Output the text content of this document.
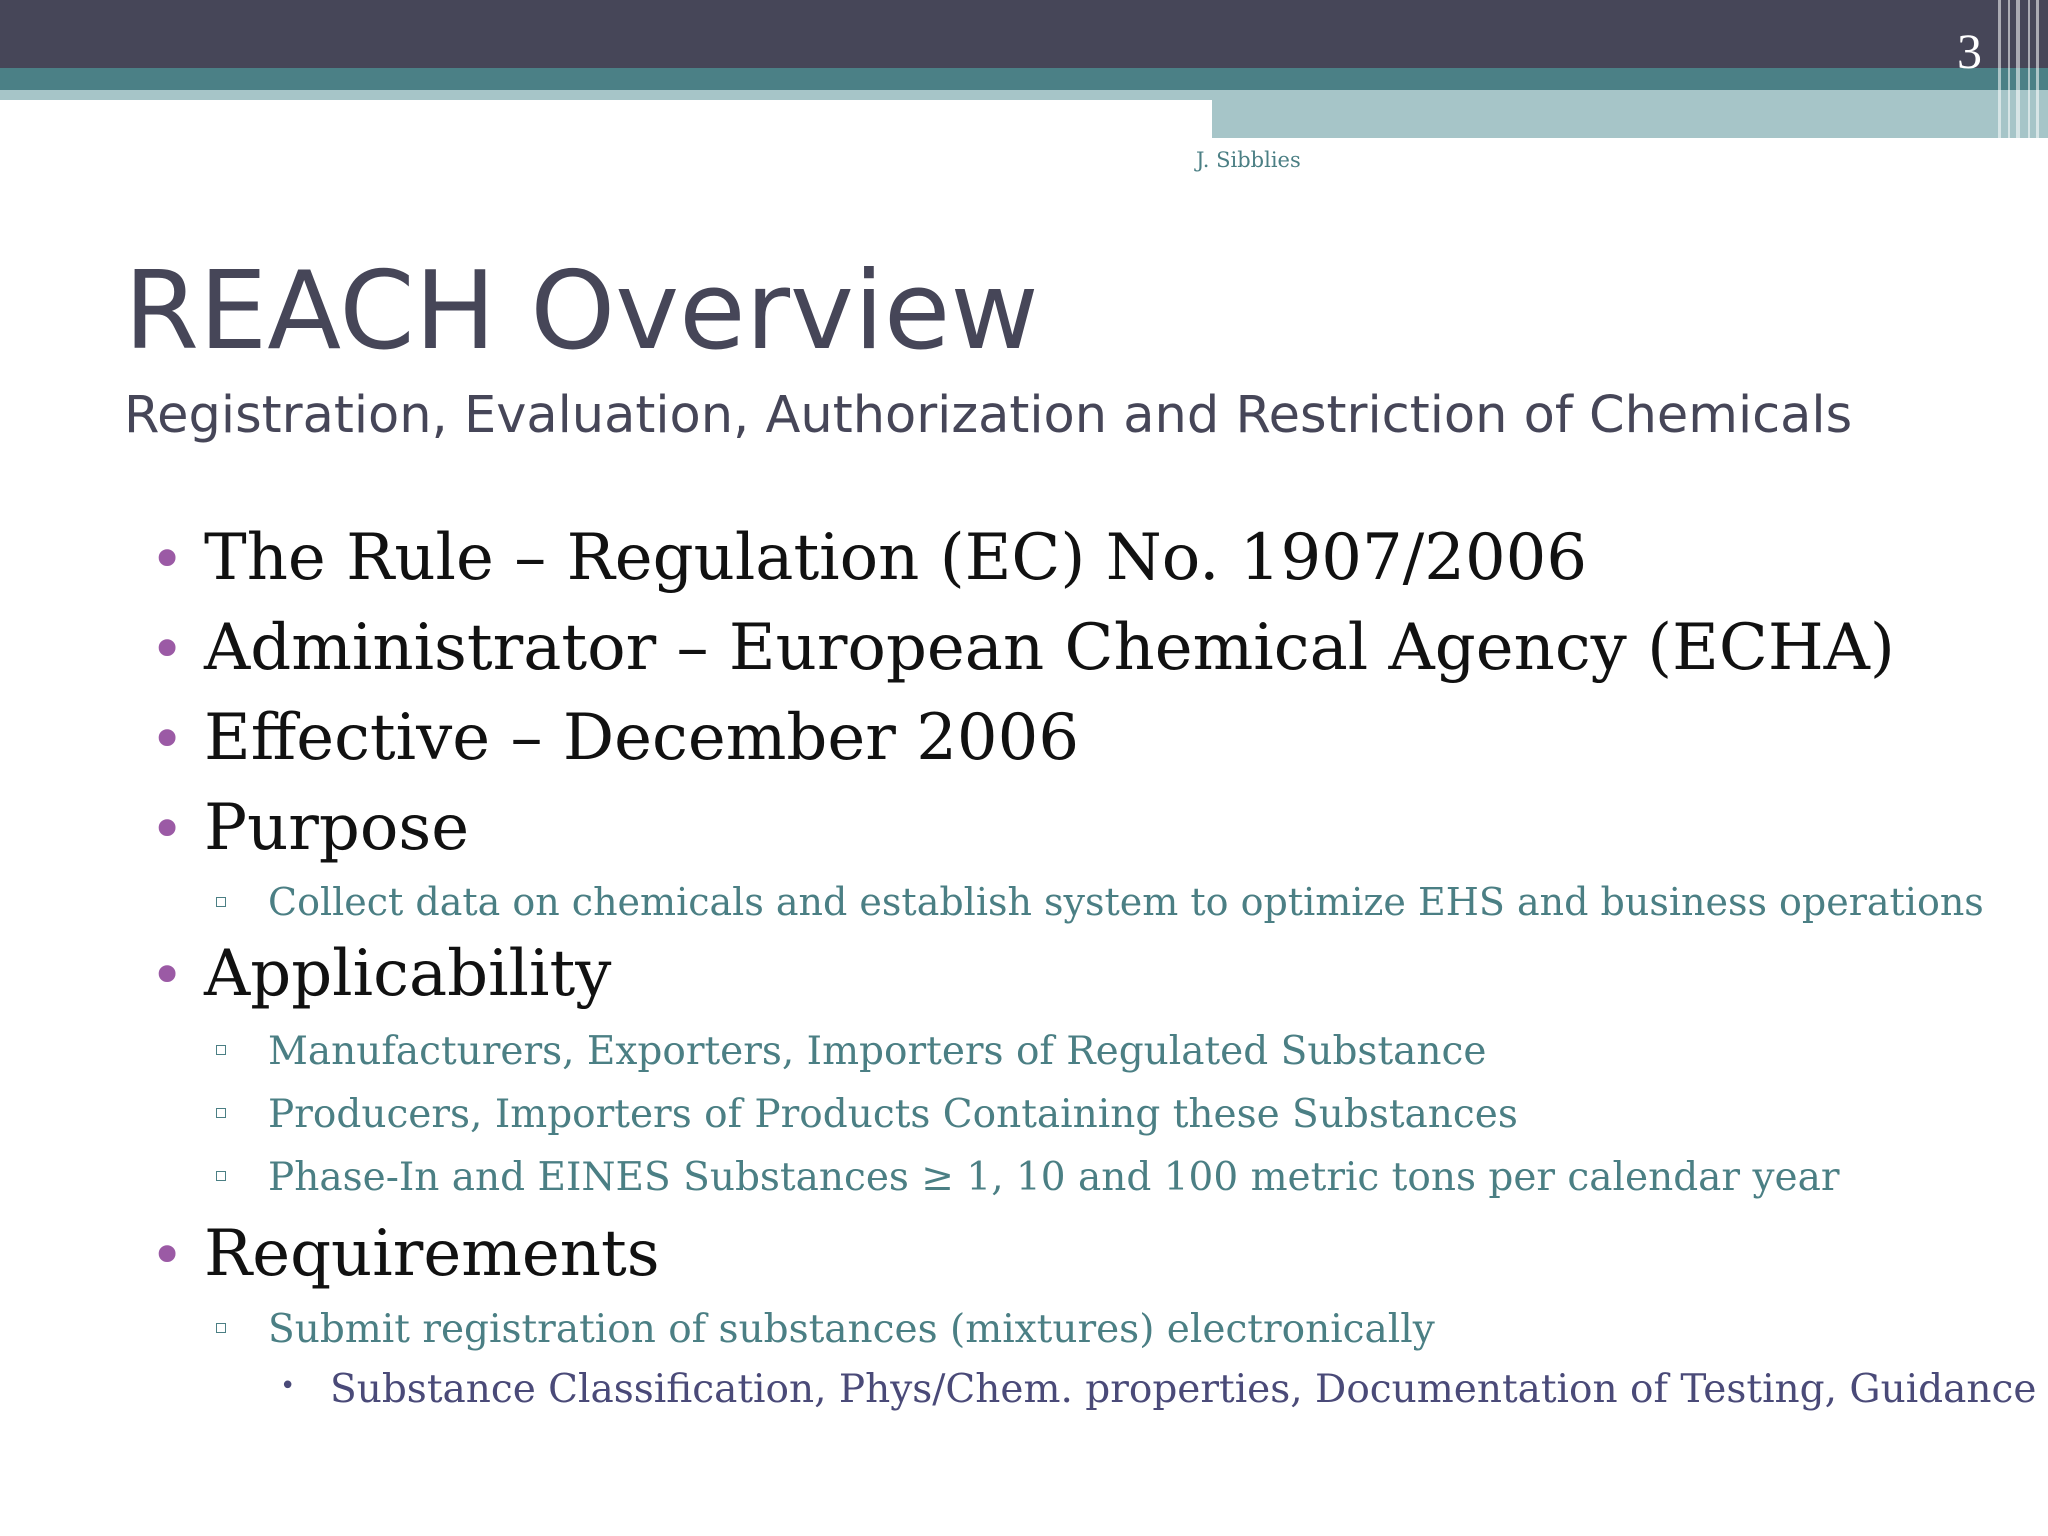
3
J. Sibblies
REACH Overview
Registration, Evaluation, Authorization and Restriction of Chemicals
• The Rule – Regulation (EC) No. 1907/2006
• Administrator – European Chemical Agency (ECHA)
• Effective – December 2006
• Purpose
Collect data on chemicals and establish system to optimize EHS and business operations
• Applicability
Manufacturers, Exporters, Importers of Regulated Substance
Producers, Importers of Products Containing these Substances
Phase-In and EINES Substances ≥ 1, 10 and 100 metric tons per calendar year
• Requirements
Submit registration of substances (mixtures) electronically
• Substance Classification, Phys/Chem. properties, Documentation of Testing, Guidance
